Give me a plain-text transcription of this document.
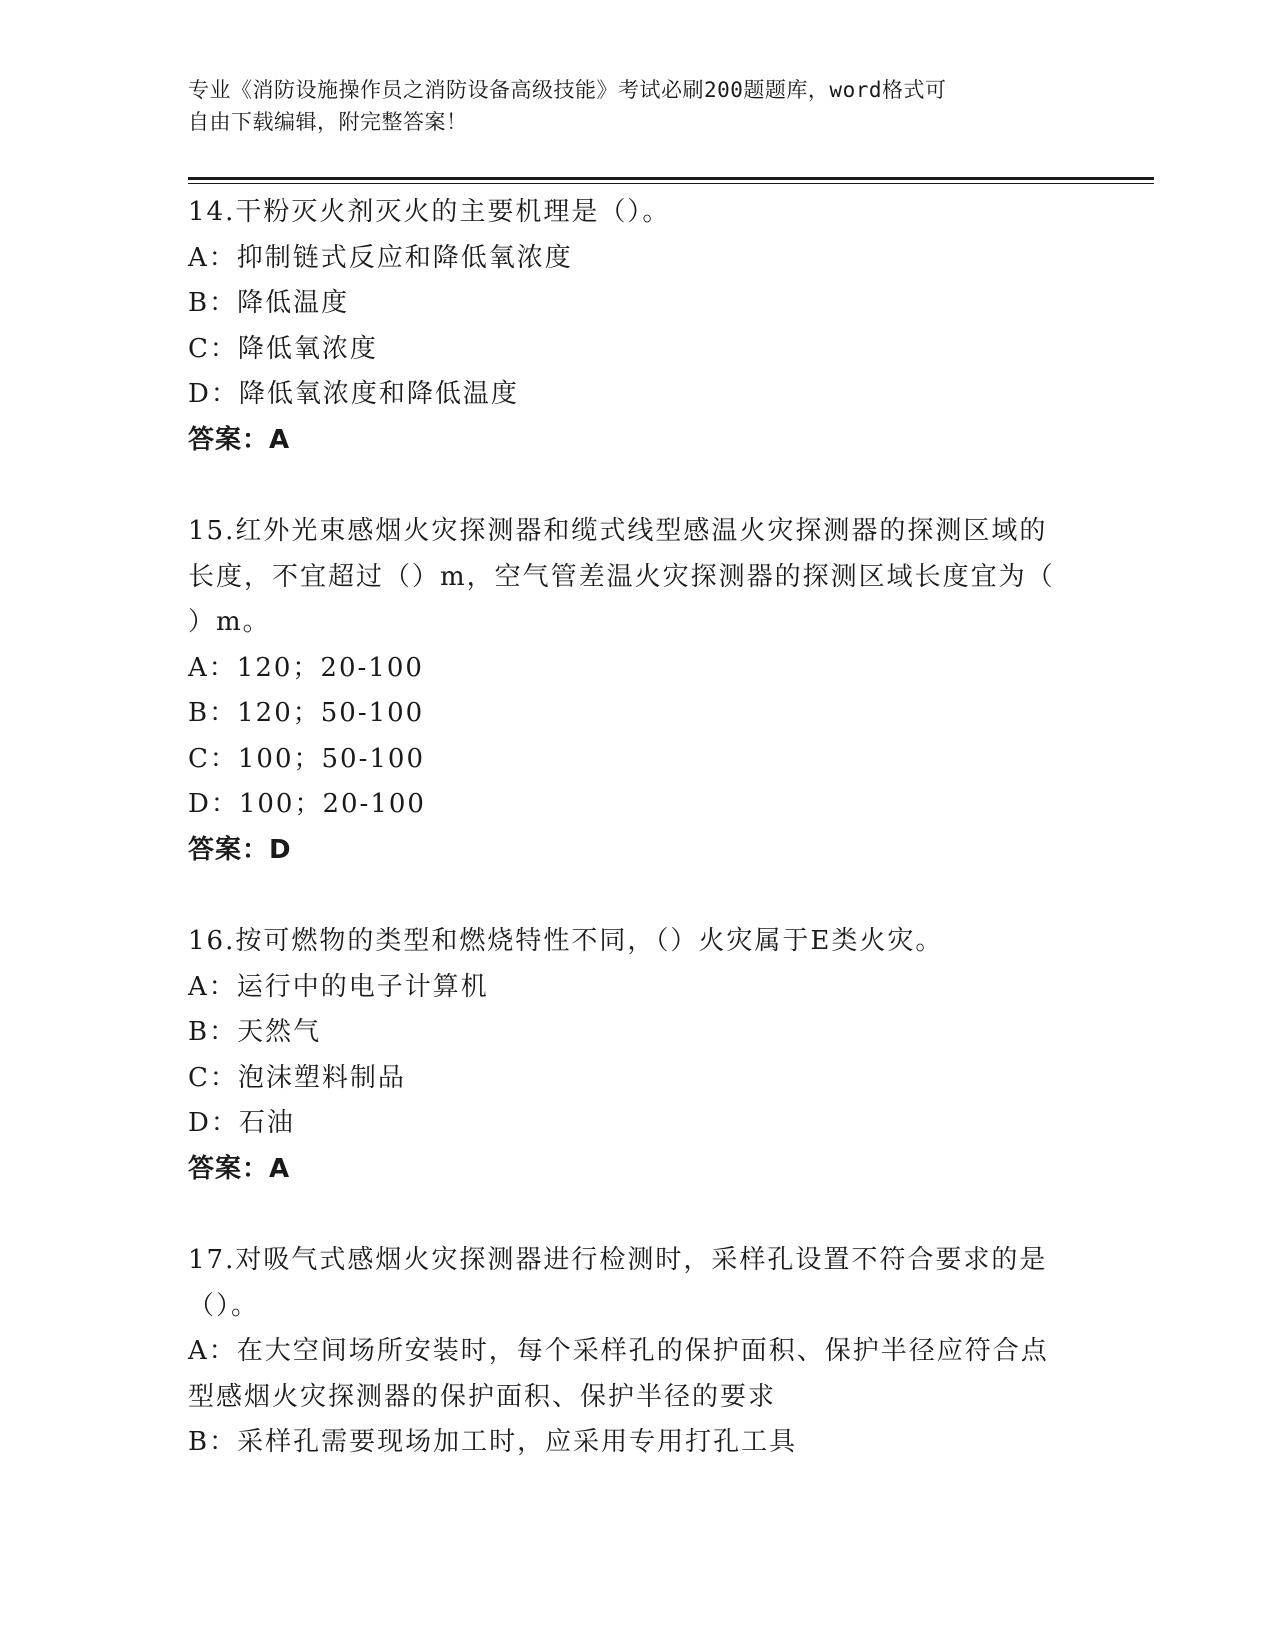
专业《消防设施操作员之消防设备高级技能》考试必刷200题题库，word格式可
自由下载编辑，附完整答案！
14.干粉灭火剂灭火的主要机理是（）。
A：抑制链式反应和降低氧浓度
B：降低温度
C：降低氧浓度
D：降低氧浓度和降低温度
答案：A
15.红外光束感烟火灾探测器和缆式线型感温火灾探测器的探测区域的
长度，不宜超过（）m，空气管差温火灾探测器的探测区域长度宜为（
）m。
A：120；20-100
B：120；50-100
C：100；50-100
D：100；20-100
答案：D
16.按可燃物的类型和燃烧特性不同，（）火灾属于E类火灾。
A：运行中的电子计算机
B：天然气
C：泡沫塑料制品
D：石油
答案：A
17.对吸气式感烟火灾探测器进行检测时，采样孔设置不符合要求的是
（）。
A：在大空间场所安装时，每个采样孔的保护面积、保护半径应符合点
型感烟火灾探测器的保护面积、保护半径的要求
B：采样孔需要现场加工时，应采用专用打孔工具
